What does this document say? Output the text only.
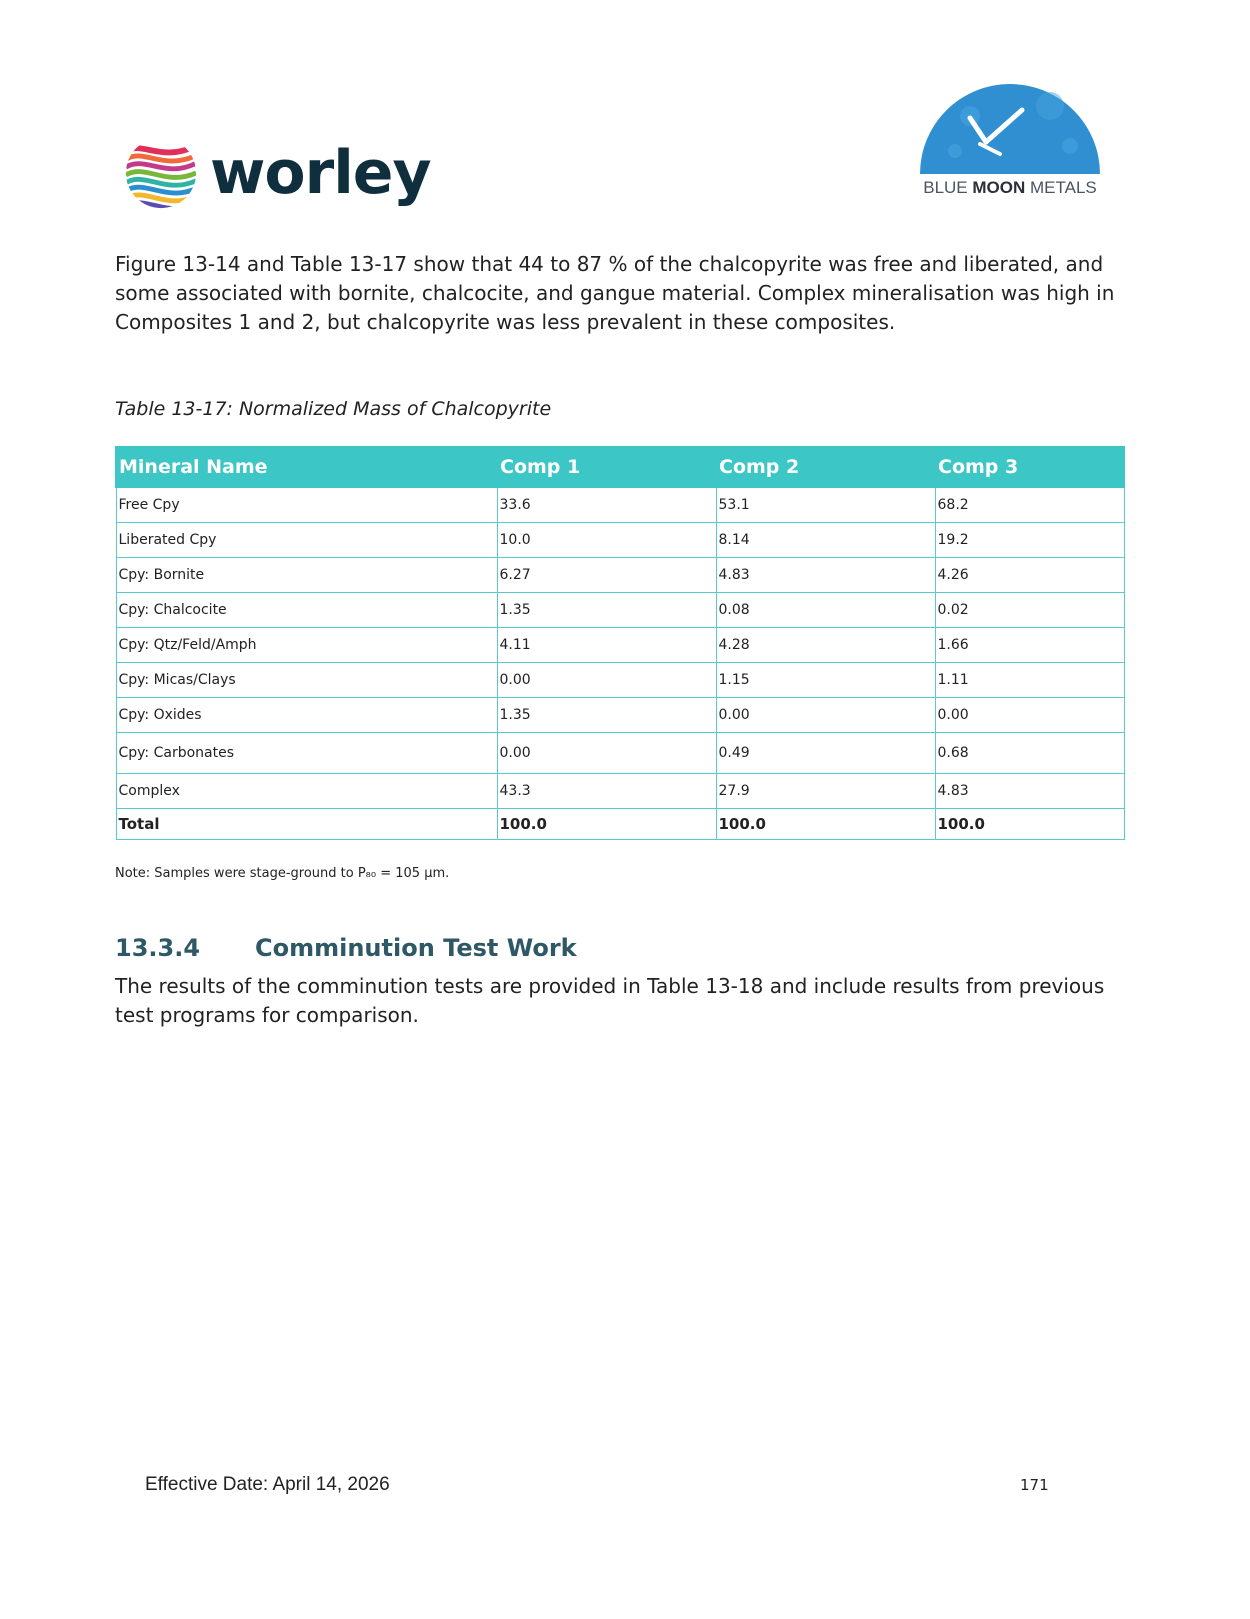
worley	BLUE MOON METALS
Figure 13-14 and Table 13-17 show that 44 to 87 % of the chalcopyrite was free and liberated, and some associated with bornite, chalcocite, and gangue material. Complex mineralisation was high in Composites 1 and 2, but chalcopyrite was less prevalent in these composites.
Table 13-17: Normalized Mass of Chalcopyrite
Mineral Name	Comp 1	Comp 2	Comp 3
Free Cpy	33.6	53.1	68.2
Liberated Cpy	10.0	8.14	19.2
Cpy: Bornite	6.27	4.83	4.26
Cpy: Chalcocite	1.35	0.08	0.02
Cpy: Qtz/Feld/Amph	4.11	4.28	1.66
Cpy: Micas/Clays	0.00	1.15	1.11
Cpy: Oxides	1.35	0.00	0.00
Cpy: Carbonates	0.00	0.49	0.68
Complex	43.3	27.9	4.83
Total	100.0	100.0	100.0
Note: Samples were stage-ground to P₈₀ = 105 µm.
13.3.4	Comminution Test Work
The results of the comminution tests are provided in Table 13-18 and include results from previous test programs for comparison.
Effective Date: April 14, 2026	171
